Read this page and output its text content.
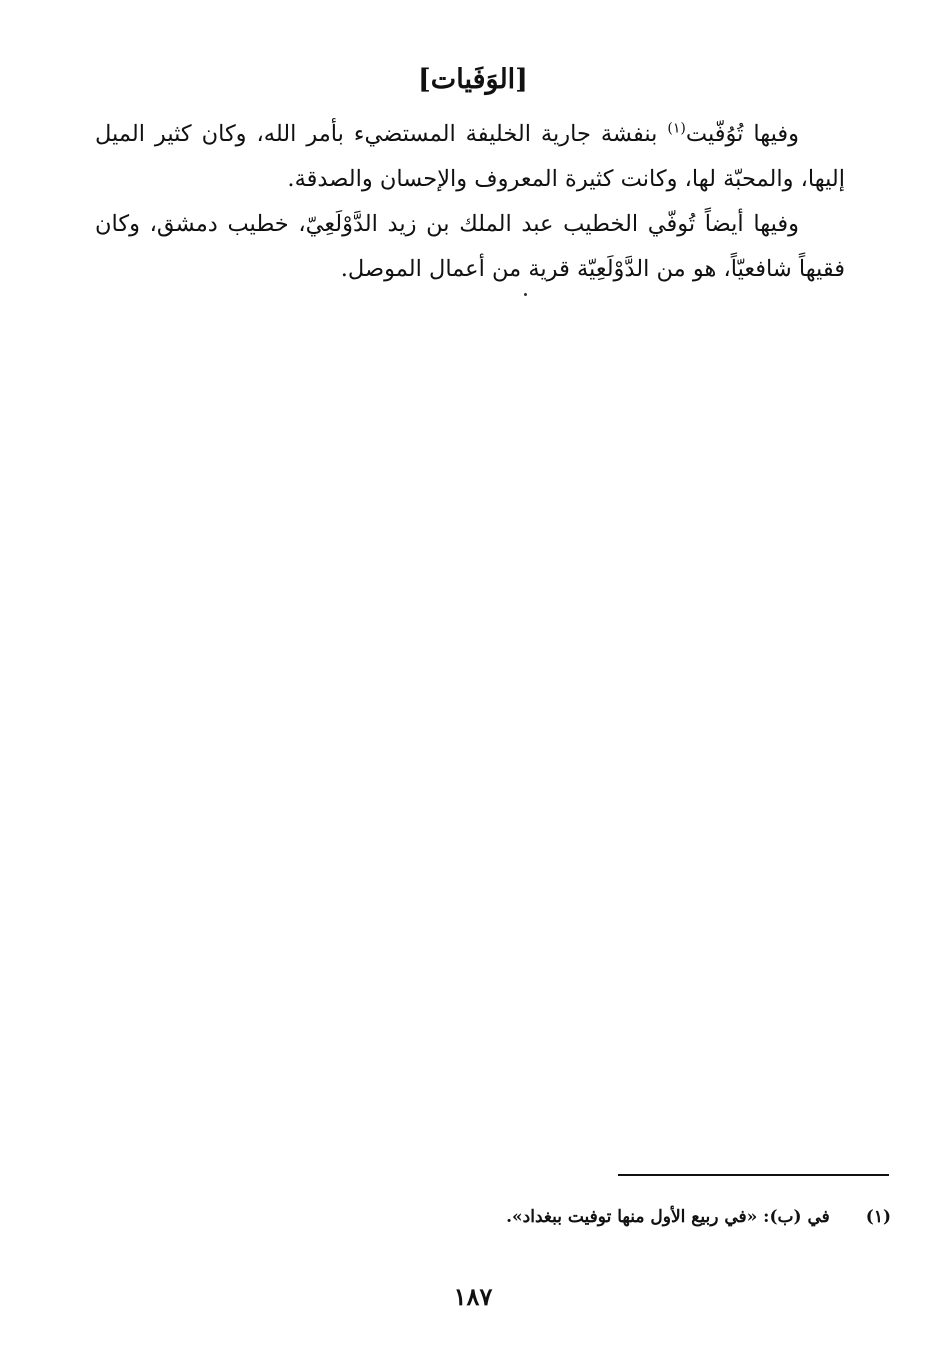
[الوَفَيات]

وفيها تُوُفّيت$^{(١)}$ بنفشة جارية الخليفة المستضيء بأمر الله، وكان كثير الميل إليها، والمحبّة لها، وكانت كثيرة المعروف والإحسان والصدقة.

وفيها أيضاً تُوفّي الخطيب عبد الملك بن زيد الدَّوْلَعِيّ، خطيب دمشق، وكان فقيهاً شافعيّاً، هو من الدَّوْلَعِيّة قرية من أعمال الموصل.

(١)في (ب): «في ربيع الأول منها توفيت ببغداد».
١٨٧
